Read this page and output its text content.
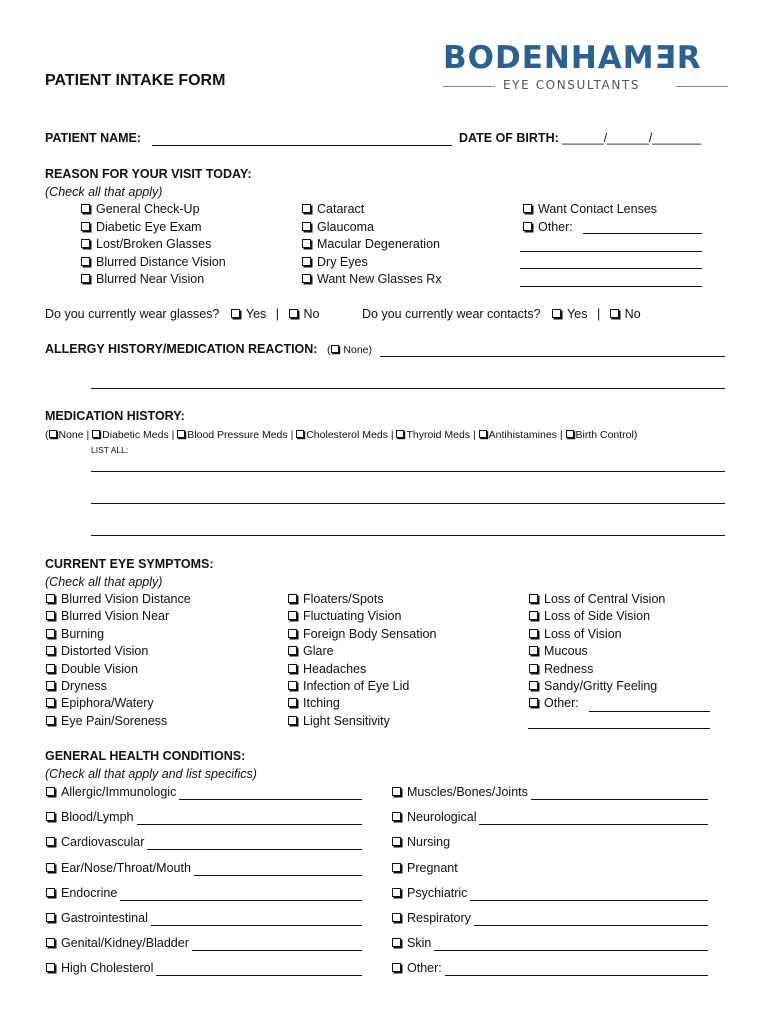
BODENHAMƎR
EYE CONSULTANTS
PATIENT INTAKE FORM
PATIENT NAME:	DATE OF BIRTH: ______/______/_______
REASON FOR YOUR VISIT TODAY:
(Check all that apply)
General Check-Up
Diabetic Eye Exam
Lost/Broken Glasses
Blurred Distance Vision
Blurred Near Vision
Cataract
Glaucoma
Macular Degeneration
Dry Eyes
Want New Glasses Rx
Want Contact Lenses
Other:
Do you currently wear glasses? Yes | No	Do you currently wear contacts? Yes | No
ALLERGY HISTORY/MEDICATION REACTION: ( None)
MEDICATION HISTORY:
( None | Diabetic Meds | Blood Pressure Meds | Cholesterol Meds | Thyroid Meds | Antihistamines | Birth Control)
LIST ALL:
CURRENT EYE SYMPTOMS:
(Check all that apply)
Blurred Vision Distance
Blurred Vision Near
Burning
Distorted Vision
Double Vision
Dryness
Epiphora/Watery
Eye Pain/Soreness
Floaters/Spots
Fluctuating Vision
Foreign Body Sensation
Glare
Headaches
Infection of Eye Lid
Itching
Light Sensitivity
Loss of Central Vision
Loss of Side Vision
Loss of Vision
Mucous
Redness
Sandy/Gritty Feeling
Other:
GENERAL HEALTH CONDITIONS:
(Check all that apply and list specifics)
Allergic/Immunologic
Blood/Lymph
Cardiovascular
Ear/Nose/Throat/Mouth
Endocrine
Gastrointestinal
Genital/Kidney/Bladder
High Cholesterol
Muscles/Bones/Joints
Neurological
Nursing
Pregnant
Psychiatric
Respiratory
Skin
Other:
